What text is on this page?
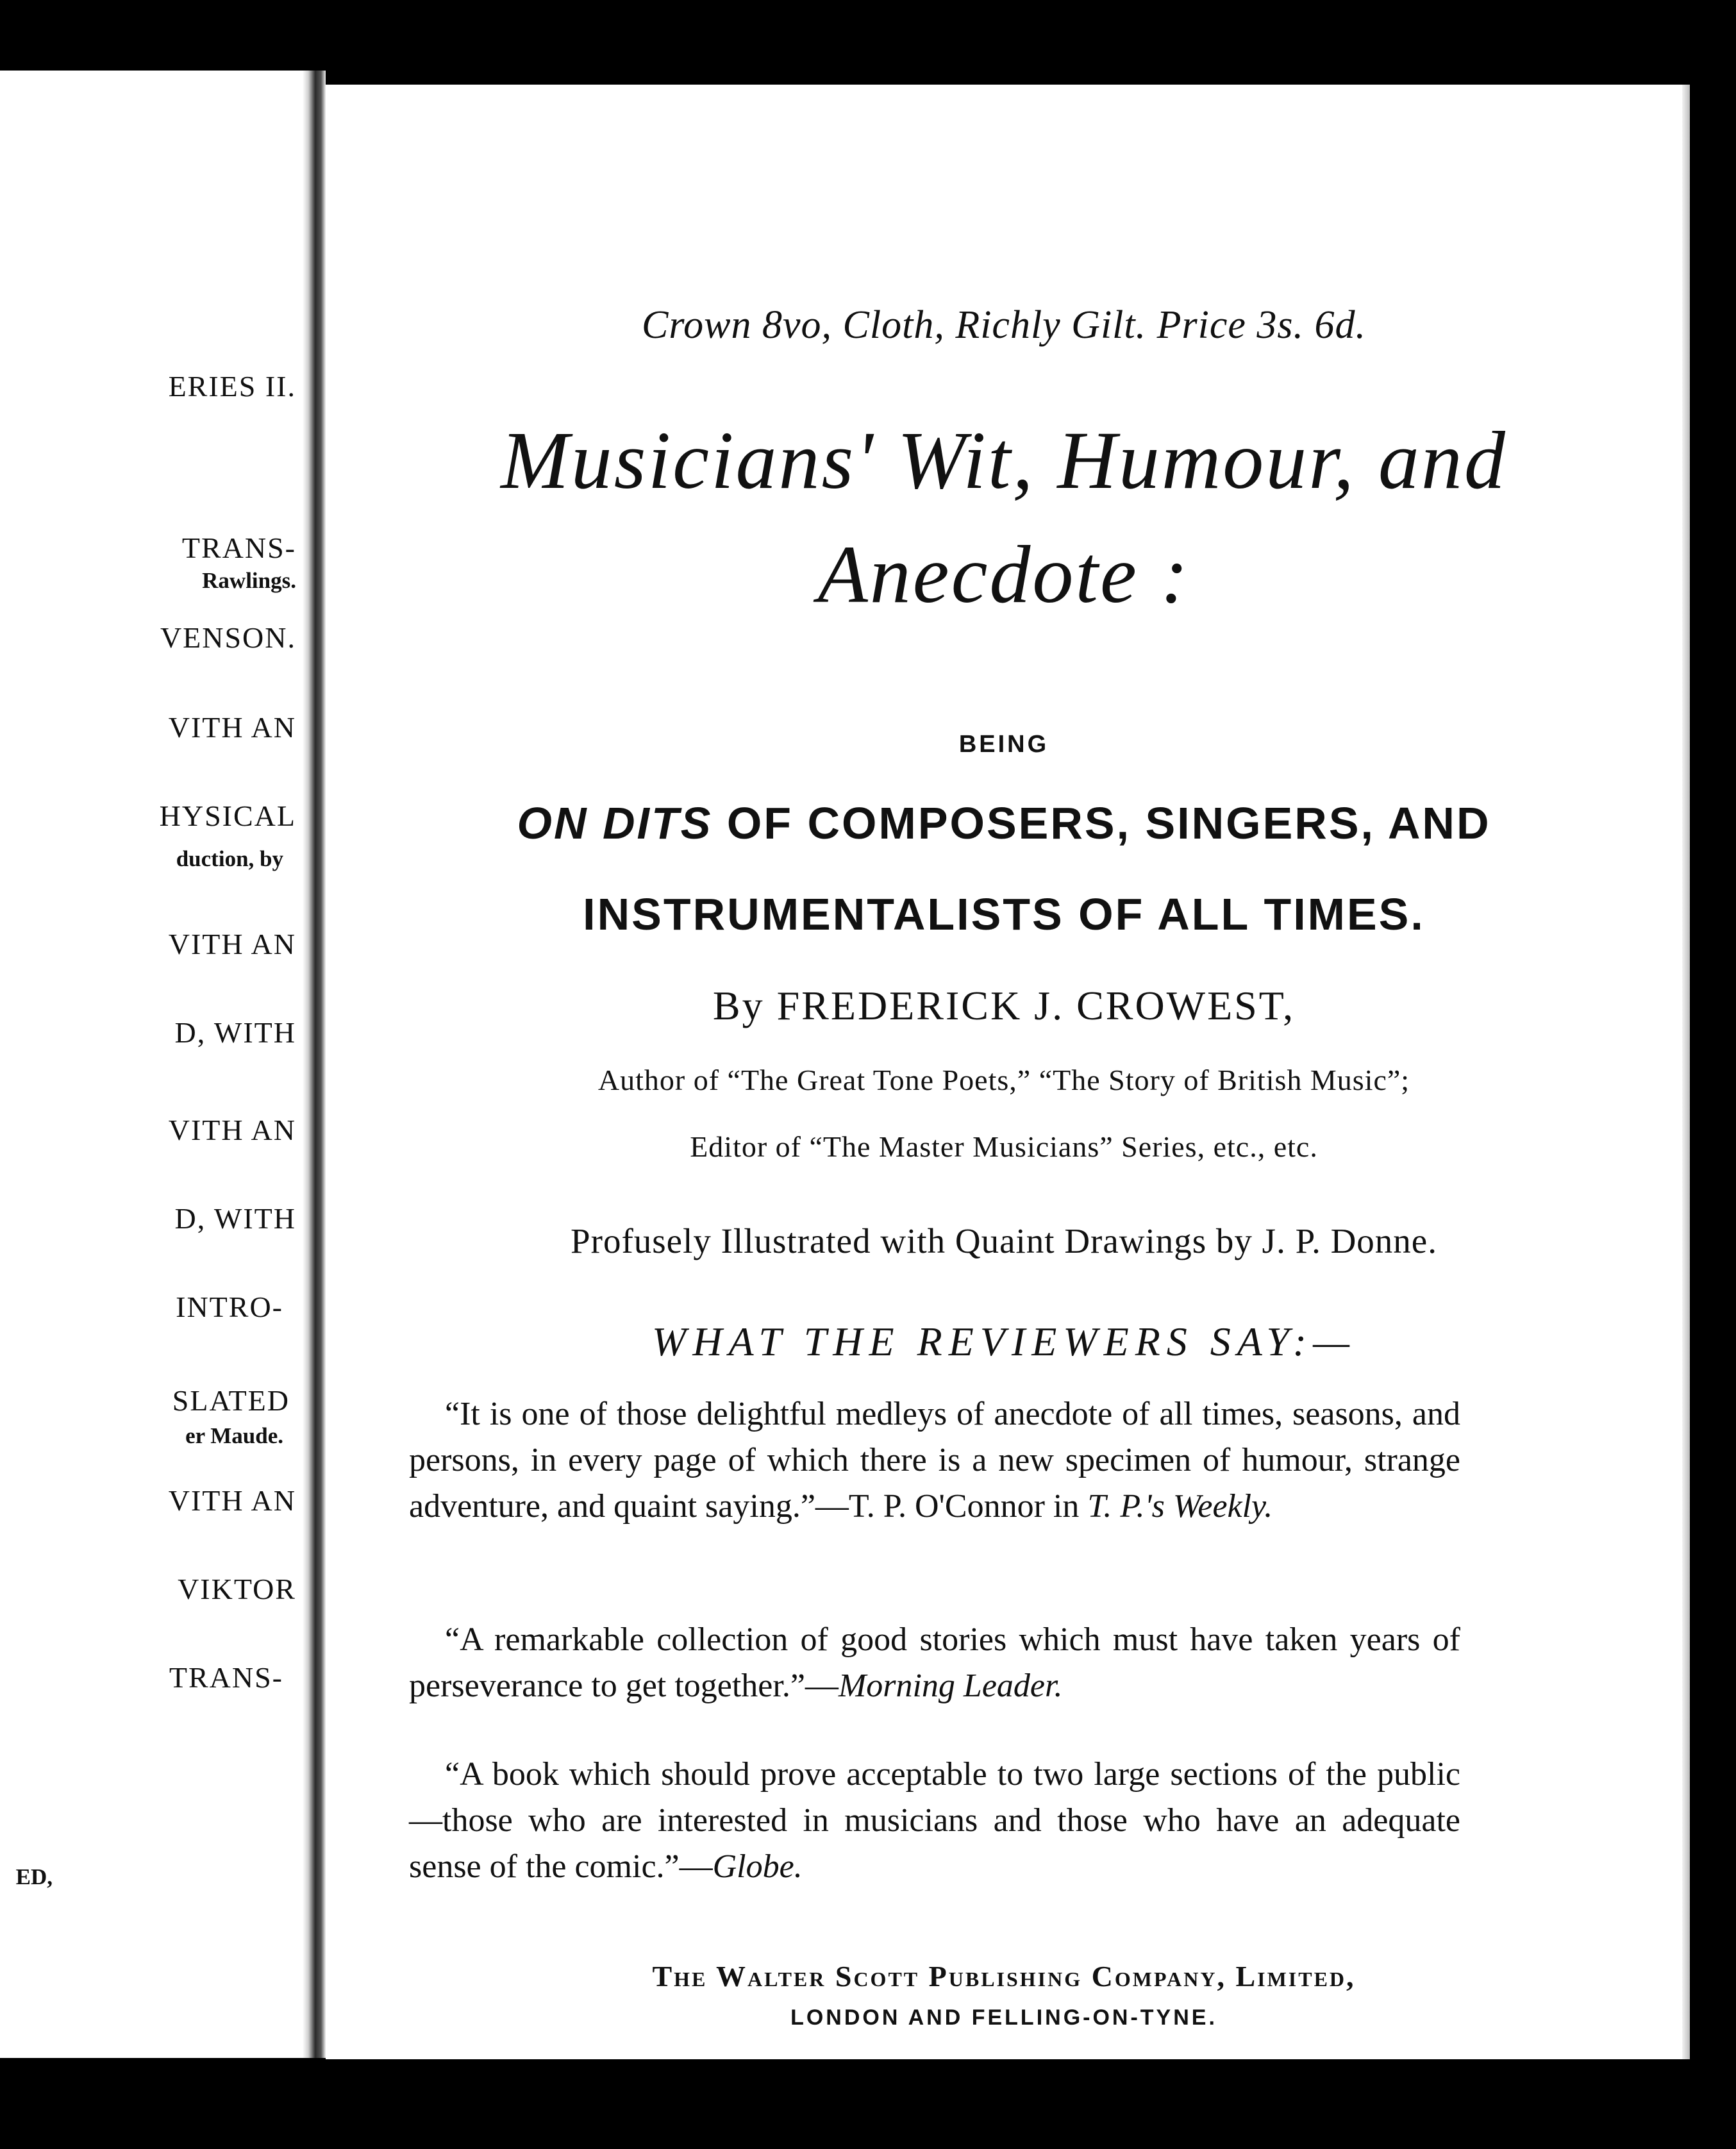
ERIES II.
TRANS-
Rawlings.
VENSON.
VITH AN
HYSICAL
duction, by
VITH AN
D, WITH
VITH AN
D, WITH
INTRO-
SLATED
er Maude.
VITH AN
VIKTOR
TRANS-
ED,
Crown 8vo, Cloth, Richly Gilt. Price 3s. 6d.
Musicians' Wit, Humour, and
Anecdote :
BEING
ON DITS OF COMPOSERS, SINGERS, AND
INSTRUMENTALISTS OF ALL TIMES.
By FREDERICK J. CROWEST,
Author of “The Great Tone Poets,” “The Story of British Music”;
Editor of “The Master Musicians” Series, etc., etc.
Profusely Illustrated with Quaint Drawings by J. P. Donne.
WHAT THE REVIEWERS SAY:—
“It is one of those delightful medleys of anecdote of all times, seasons, and persons, in every page of which there is a new specimen of humour, strange adventure, and quaint saying.”—T. P. O'Connor in T. P.'s Weekly.
“A remarkable collection of good stories which must have taken years of perseverance to get together.”—Morning Leader.
“A book which should prove acceptable to two large sections of the public—those who are interested in musicians and those who have an adequate sense of the comic.”—Globe.
The Walter Scott Publishing Company, Limited,
LONDON AND FELLING-ON-TYNE.
